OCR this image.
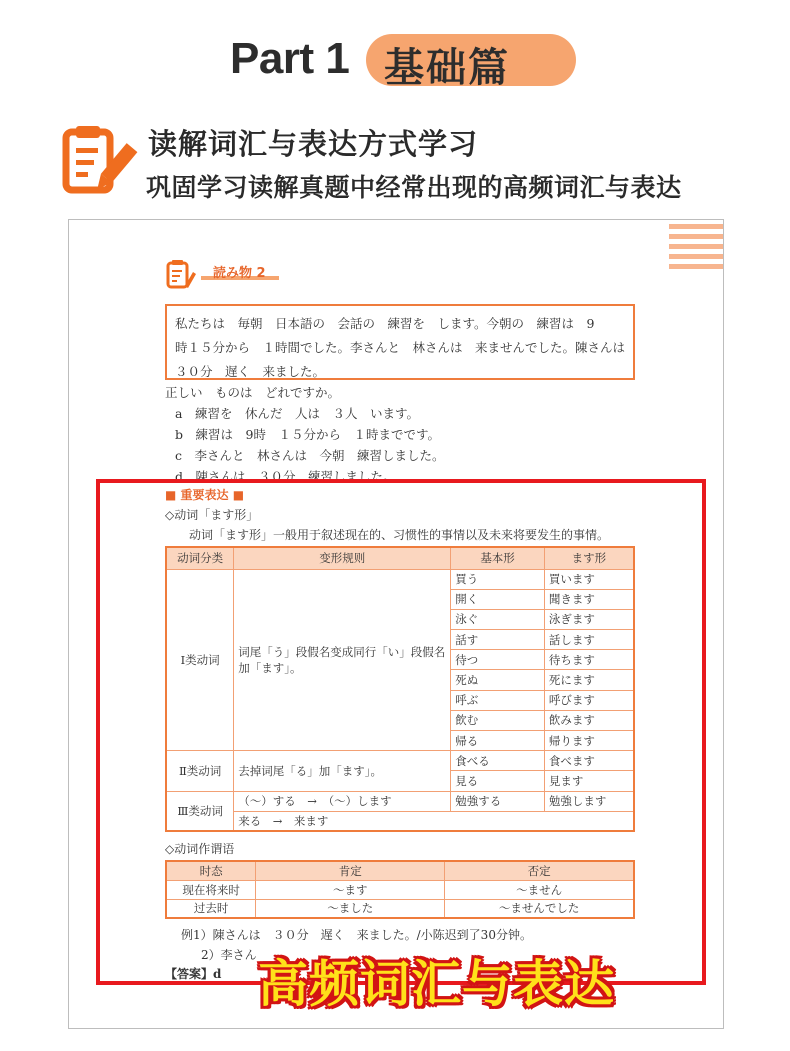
Part 1 基础篇
读解词汇与表达方式学习
巩固学习读解真题中经常出现的高频词汇与表达
読み物 2

私たちは　毎朝　日本語の　会話の　練習を　します。今朝の　練習は　9

時１５分から　１時間でした。李さんと　林さんは　来ませんでした。陳さんは

３０分　遅く　来ました。

正しい　ものは　どれですか。

a　練習を　休んだ　人は　３人　います。

b　練習は　9時　１５分から　１時までです。

c　李さんと　林さんは　今朝　練習しました。

d　陳さんは　３０分　練習しました。

■ 重要表达 ■
◇动词「ます形」
动词「ます形」一般用于叙述现在的、习惯性的事情以及未来将要发生的事情。
动词分类	变形规则	基本形	ます形
Ⅰ类动词	词尾「う」段假名变成同行「い」段假名加「ます」。	買う	買います
		開く	聞きます
		泳ぐ	泳ぎます
		話す	話します
		待つ	待ちます
		死ぬ	死にます
		呼ぶ	呼びます
		飲む	飲みます
		帰る	帰ります
Ⅱ类动词	去掉词尾「る」加「ます」。	食べる	食べます
		見る	見ます
Ⅲ类动词	（～）する　→　（～）します	勉強する	勉強します
	来る　→　来ます		
◇动词作谓语
时态	肯定	否定
现在将来时	～ます	～ません
过去时	～ました	～ませんでした
例1）陳さんは　３０分　遅く　来ました。/小陈迟到了30分钟。
2）李さん
【答案】d 高频词汇与表达
